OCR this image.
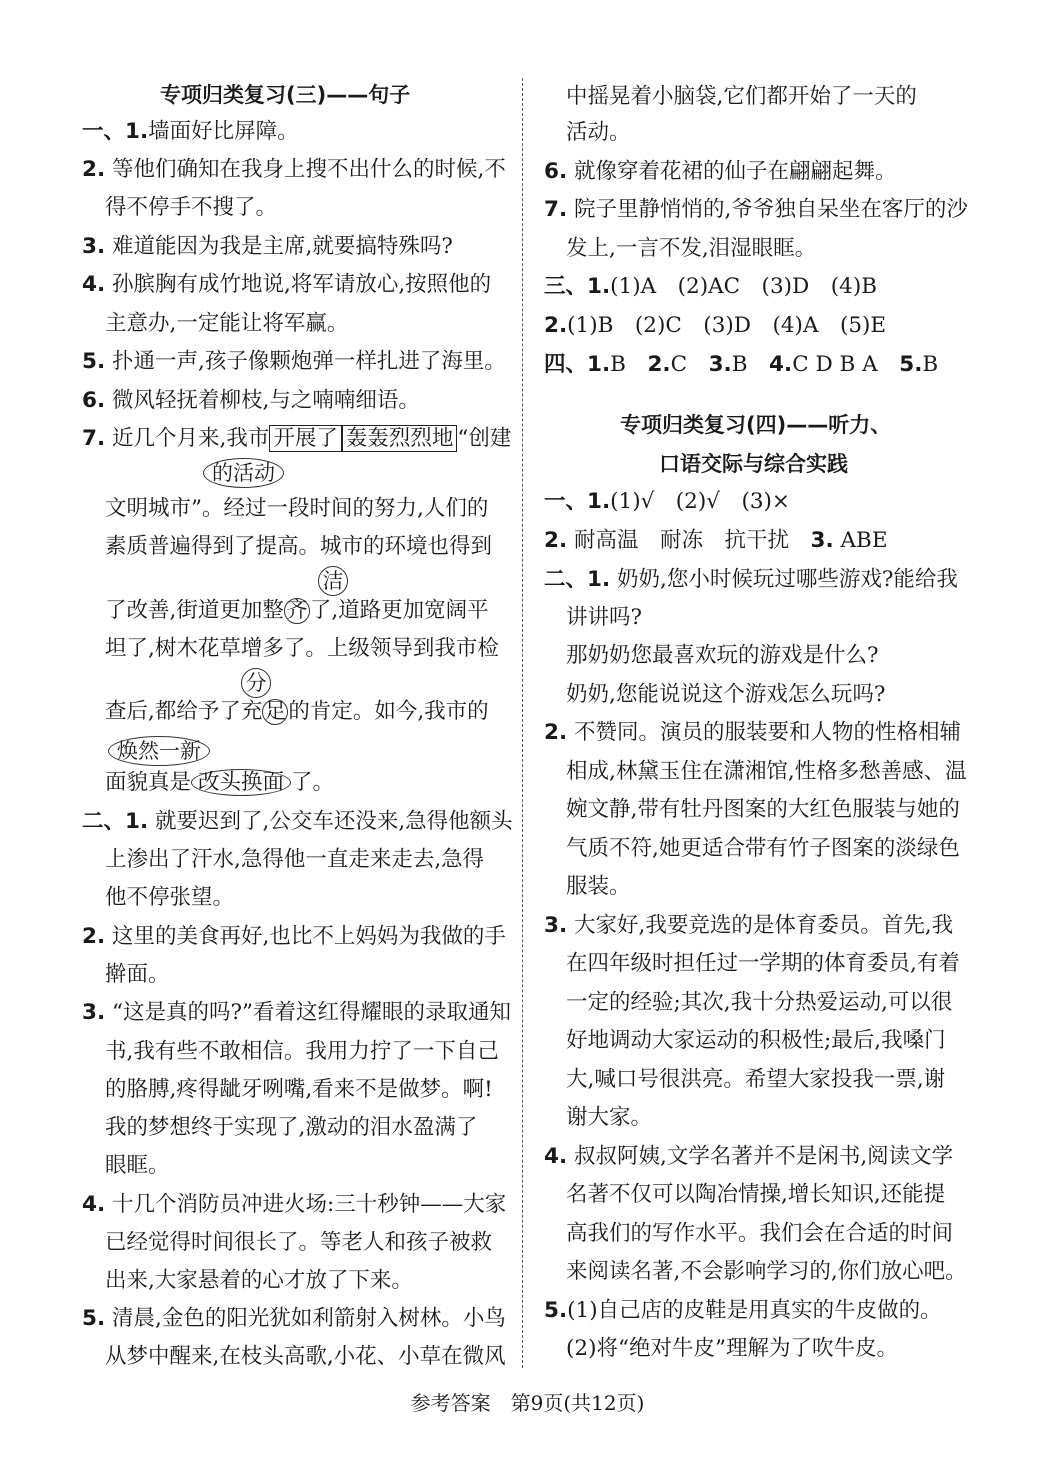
专项归类复习(三)——句子
一、1.墙面好比屏障。
2. 等他们确知在我身上搜不出什么的时候,不
得不停手不搜了。
3. 难道能因为我是主席,就要搞特殊吗?
4. 孙膑胸有成竹地说,将军请放心,按照他的
主意办,一定能让将军赢。
5. 扑通一声,孩子像颗炮弹一样扎进了海里。
6. 微风轻抚着柳枝,与之喃喃细语。
7. 近几个月来,我市 开展了 轰轰烈烈地 “创建
的活动
文明城市”。经过一段时间的努力,人们的
素质普遍得到了提高。城市的环境也得到
洁
了改善,街道更加整 齐 了,道路更加宽阔平
坦了,树木花草增多了。上级领导到我市检
分
查后,都给予了充 足 的肯定。如今,我市的
焕然一新
面貌真是 改头换面 了。
二、1. 就要迟到了,公交车还没来,急得他额头
上渗出了汗水,急得他一直走来走去,急得
他不停张望。
2. 这里的美食再好,也比不上妈妈为我做的手
擀面。
3. “这是真的吗?”看着这红得耀眼的录取通知
书,我有些不敢相信。我用力拧了一下自己
的胳膊,疼得龇牙咧嘴,看来不是做梦。啊!
我的梦想终于实现了,激动的泪水盈满了
眼眶。
4. 十几个消防员冲进火场:三十秒钟——大家
已经觉得时间很长了。等老人和孩子被救
出来,大家悬着的心才放了下来。
5. 清晨,金色的阳光犹如利箭射入树林。小鸟
从梦中醒来,在枝头高歌,小花、小草在微风
中摇晃着小脑袋,它们都开始了一天的
活动。
6. 就像穿着花裙的仙子在翩翩起舞。
7. 院子里静悄悄的,爷爷独自呆坐在客厅的沙
发上,一言不发,泪湿眼眶。
三、1.(1)A　(2)AC　(3)D　(4)B
2.(1)B　(2)C　(3)D　(4)A　(5)E
四、1.B　 2.C　 3.B　 4.C D B A　 5.B
专项归类复习(四)——听力、
口语交际与综合实践
一、1.(1)√　(2)√　(3)×
2. 耐高温　耐冻　抗干扰　 3. ABE
二、1. 奶奶,您小时候玩过哪些游戏?能给我
讲讲吗?
那奶奶您最喜欢玩的游戏是什么?
奶奶,您能说说这个游戏怎么玩吗?
2. 不赞同。演员的服装要和人物的性格相辅
相成,林黛玉住在潇湘馆,性格多愁善感、温
婉文静,带有牡丹图案的大红色服装与她的
气质不符,她更适合带有竹子图案的淡绿色
服装。
3. 大家好,我要竞选的是体育委员。首先,我
在四年级时担任过一学期的体育委员,有着
一定的经验;其次,我十分热爱运动,可以很
好地调动大家运动的积极性;最后,我嗓门
大,喊口号很洪亮。希望大家投我一票,谢
谢大家。
4. 叔叔阿姨,文学名著并不是闲书,阅读文学
名著不仅可以陶冶情操,增长知识,还能提
高我们的写作水平。我们会在合适的时间
来阅读名著,不会影响学习的,你们放心吧。
5.(1)自己店的皮鞋是用真实的牛皮做的。
(2)将“绝对牛皮”理解为了吹牛皮。
参考答案　第9页(共12页)
